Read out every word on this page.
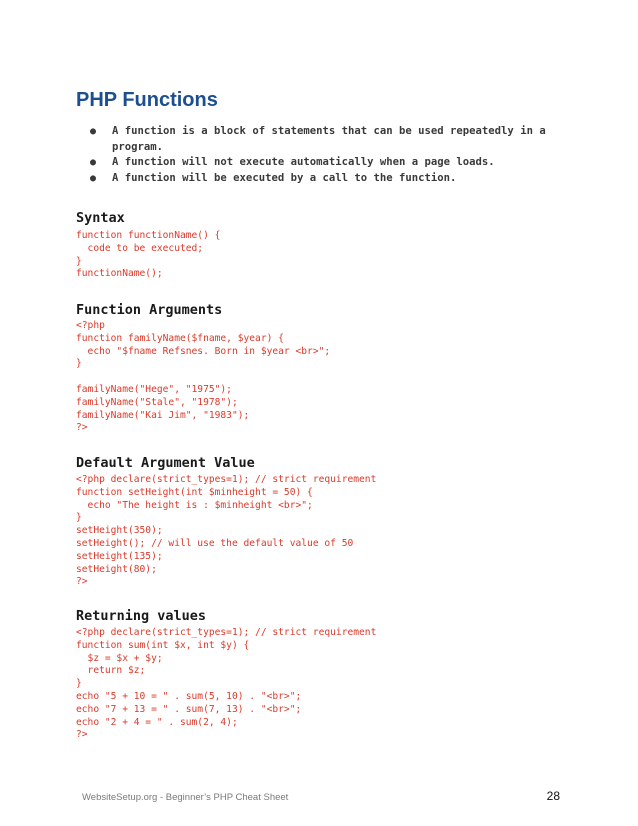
PHP Functions
● A function is a block of statements that can be used repeatedly in a program.
● A function will not execute automatically when a page loads.
● A function will be executed by a call to the function.
Syntax
function functionName() {
code to be executed;
}
functionName();
Function Arguments
<?php
function familyName($fname, $year) {
echo "$fname Refsnes. Born in $year <br>";
}

familyName("Hege", "1975");
familyName("Stale", "1978");
familyName("Kai Jim", "1983");
?>
Default Argument Value
<?php declare(strict_types=1); // strict requirement
function setHeight(int $minheight = 50) {
echo "The height is : $minheight <br>";
}
setHeight(350);
setHeight(); // will use the default value of 50
setHeight(135);
setHeight(80);
?>
Returning values
<?php declare(strict_types=1); // strict requirement
function sum(int $x, int $y) {
$z = $x + $y;
return $z;
}
echo "5 + 10 = " . sum(5, 10) . "<br>";
echo "7 + 13 = " . sum(7, 13) . "<br>";
echo "2 + 4 = " . sum(2, 4);
?>
WebsiteSetup.org - Beginner’s PHP Cheat Sheet	28
